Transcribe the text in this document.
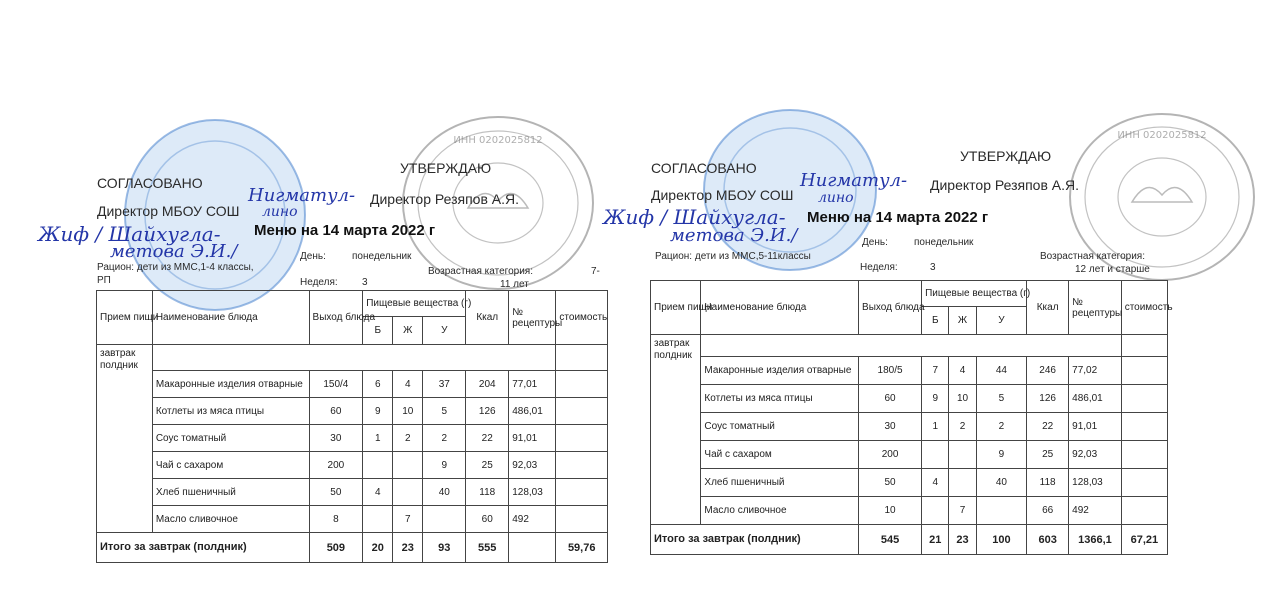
ИНН 0202025812
СОГЛАСОВАНО
УТВЕРЖДАЮ
Директор МБОУ СОШ
Директор Резяпов А.Я.
Нигматул-
лино
Жиф / Шайхугла-
метова Э.И./
Меню на 14 марта 2022 г
День:	понедельник
Рацион: дети из ММС,1-4 классы,
РП
Возрастная категория:	7-
11 лет
Неделя: 3
Прием пищи	Наименование блюда	Выход блюда	Пищевые вещества (г)			Ккал	№ рецептуры	стоимость
			Б	Ж	У			
завтрак
полдник								
	Макаронные изделия отварные	150/4	6	4	37	204	77,01	
	Котлеты из мяса птицы	60	9	10	5	126	486,01	
	Соус томатный	30	1	2	2	22	91,01	
	Чай с сахаром	200			9	25	92,03	
	Хлеб пшеничный	50	4		40	118	128,03	
	Масло сливочное	8		7		60	492	
Итого за завтрак (полдник)		509	20	23	93	555		59,76
ИНН 0202025812
СОГЛАСОВАНО
УТВЕРЖДАЮ
Директор МБОУ СОШ
Директор Резяпов А.Я.
Нигматул-
лино
Жиф / Шайхугла-
метова Э.И./
Меню на 14 марта 2022 г
День:	понедельник
Рацион: дети из ММС,5-11классы	Возрастная категория:
12 лет и старше
Неделя:	3
Прием пищи	Наименование блюда	Выход блюда	Пищевые вещества (г)			Ккал	№ рецептуры	стоимость
			Б	Ж	У			
завтрак
полдник								
	Макаронные изделия отварные	180/5	7	4	44	246	77,02	
	Котлеты из мяса птицы	60	9	10	5	126	486,01	
	Соус томатный	30	1	2	2	22	91,01	
	Чай с сахаром	200			9	25	92,03	
	Хлеб пшеничный	50	4		40	118	128,03	
	Масло сливочное	10		7		66	492	
Итого за завтрак (полдник)		545	21	23	100	603	1366,1	67,21
